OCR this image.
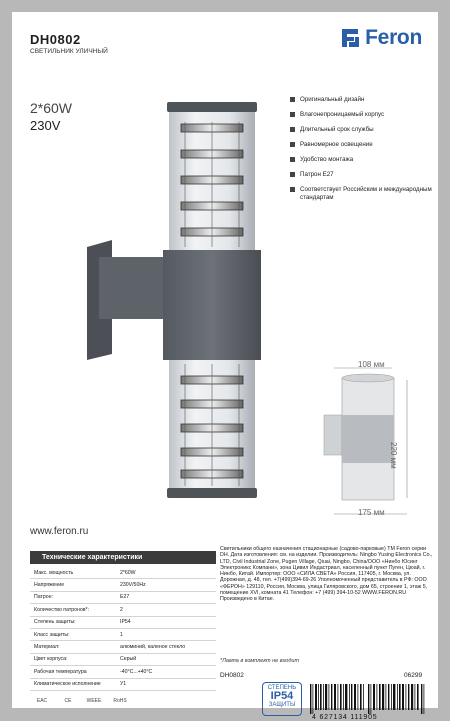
DH0802
СВЕТИЛЬНИК УЛИЧНЫЙ
Feron
2*60W
230V
Оригинальный дизайн
Влагонепроницаемый корпус
Длительный срок службы
Равномерное освещение
Удобство монтажа
Патрон E27
Соответствует Российским и международным стандартам
108 мм
220 мм
175 мм
www.feron.ru
Технические характеристики
Макс. мощность	2*60W
Напряжение	230V/50Hz
Патрон:	E27
Количество патронов*:	2
Степень защиты:	IP54
Класс защиты:	1
Материал:	алюминий, каленое стекло
Цвет корпуса:	Серый
Рабочая температура	-40°C...+40°C
Климатическое исполнение	У1
EAC	CE	WEEE RoHS
Светильники общего назначения стационарные (садово-парковые) ТМ Feron серии DH. Дата изготовления: см. на изделии. Производитель: Ningbo Yusing Electronics Co., LTD, Civil Industrial Zone, Pugen Village, Qiuai, Ningbo, China/ООО «Нинбо Юсинг Электроникс Компани», зона Цивил Индастриал, населенный пункт Пуген, Цюай, г. Нинбо, Китай. Импортер: ООО «СИЛА СВЕТА» Россия, 117405, г. Москва, ул. Дорожная, д. 48, тел. +7(499)394-69-26 Уполномоченный представитель в РФ: ООО «ФЕРОН» 129110, Россия, Москва, улица Гиляровского, дом 65, строение 1, этаж 5, помещение XVI, комната 41 Телефон: +7 (499) 394-10-52 WWW.FERON.RU Произведено в Китае.
*Лампа в комплект не входит
DH0802	06299
СТЕПЕНЬ
IP54
ЗАЩИТЫ
4 627134 111905
